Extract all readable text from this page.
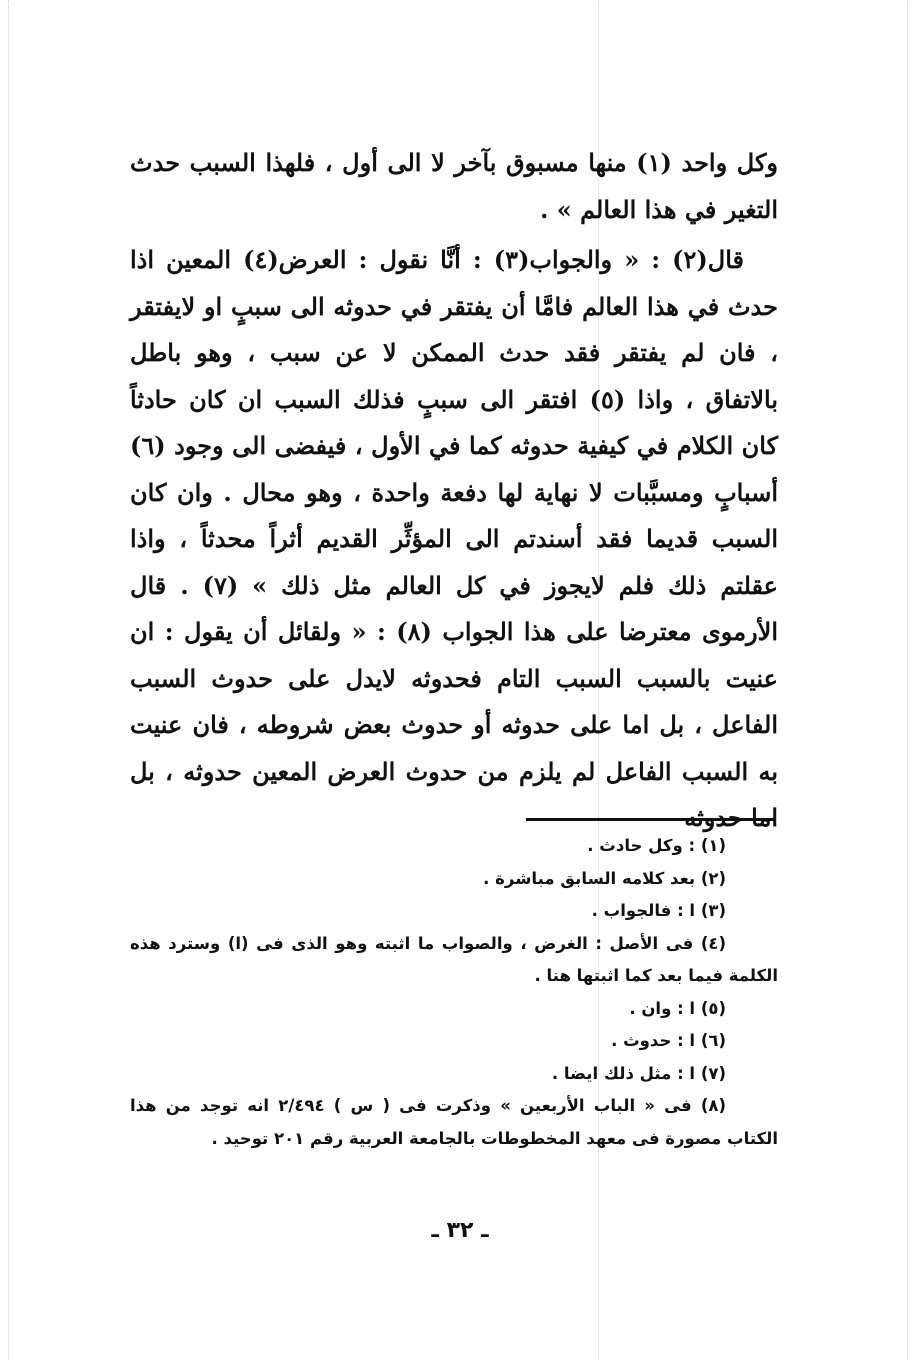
وكل واحد (١) منها مسبوق بآخر لا الى أول ، فلهذا السبب حدث التغير في هذا العالم » .

قال(٢) : « والجواب(٣) : أنَّا نقول : العرض(٤) المعين اذا حدث في هذا العالم فامَّا أن يفتقر في حدوثه الى سببٍ او لايفتقر ، فان لم يفتقر فقد حدث الممكن لا عن سبب ، وهو باطل بالاتفاق ، واذا (٥) افتقر الى سببٍ فذلك السبب ان كان حادثاً كان الكلام في كيفية حدوثه كما في الأول ، فيفضى الى وجود (٦) أسبابٍ ومسبَّبات لا نهاية لها دفعة واحدة ، وهو محال . وان كان السبب قديما فقد أسندتم الى المؤثِّر القديم أثراً محدثاً ، واذا عقلتم ذلك فلم لايجوز في كل العالم مثل ذلك » (٧) . قال الأرموى معترضا على هذا الجواب (٨) : « ولقائل أن يقول : ان عنيت بالسبب السبب التام فحدوثه لايدل على حدوث السبب الفاعل ، بل اما على حدوثه أو حدوث بعض شروطه ، فان عنيت به السبب الفاعل لم يلزم من حدوث العرض المعين حدوثه ، بل اما حدوثه

(١) : وكل حادث .

(٢) بعد كلامه السابق مباشرة .

(٣) ا : فالجواب .

(٤) فى الأصل : الغرض ، والصواب ما اثبته وهو الذى فى (ا) وسترد هذه الكلمة فيما بعد كما اثبتها هنا .

(٥) ا : وان .

(٦) ا : حدوث .

(٧) ا : مثل ذلك ايضا .

(٨) فى « الباب الأربعين » وذكرت فى ( س ) ٢/٤٩٤ انه توجد من هذا الكتاب مصورة فى معهد المخطوطات بالجامعة العربية رقم ٢٠١ توحيد .

ـ ٣٢ ـ
